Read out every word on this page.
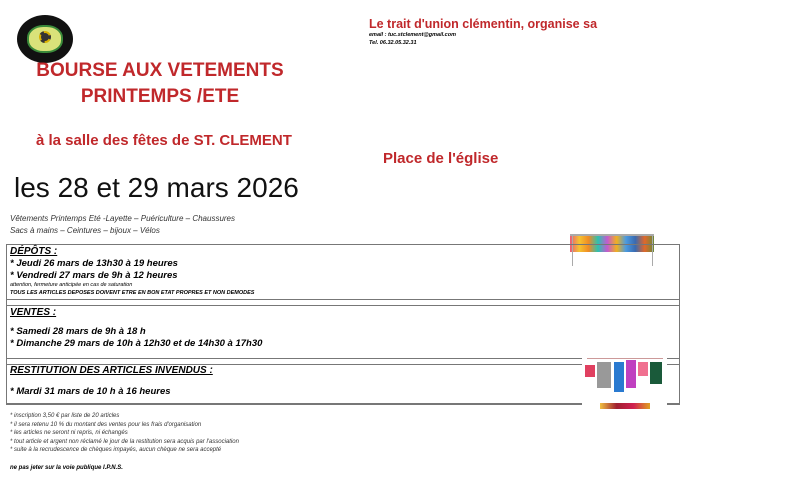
Le trait d'union clémentin, organise sa
email : tuc.stclement@gmail.com
Tel. 06.32.05.32.31
BOURSE AUX VETEMENTS
PRINTEMPS /ETE
à la salle des fêtes de ST. CLEMENT
Place de l'église
les 28 et 29 mars 2026
Vêtements Printemps Eté -Layette – Puériculture – Chaussures
Sacs à mains – Ceintures – bijoux – Vélos
DÉPÔTS :
* Jeudi 26 mars de 13h30 à 19 heures
* Vendredi 27 mars de 9h à 12 heures
attention, fermeture anticipée en cas de saturation
TOUS LES ARTICLES DEPOSES DOIVENT ETRE EN BON ETAT PROPRES ET NON DEMODES
VENTES :
* Samedi 28 mars de 9h à 18 h
* Dimanche 29 mars de 10h à 12h30 et de 14h30 à 17h30
RESTITUTION DES ARTICLES INVENDUS :
* Mardi 31 mars de 10 h à 16 heures
* inscription 3,50 € par liste de 20 articles
* il sera retenu 10 % du montant des ventes pour les frais d'organisation
* les articles ne seront ni repris, ni échangés
* tout article et argent non réclamé le jour de la restitution sera acquis par l'association
* suite à la recrudescence de chèques impayés, aucun chèque ne sera accepté
ne pas jeter sur la voie publique I.P.N.S.
